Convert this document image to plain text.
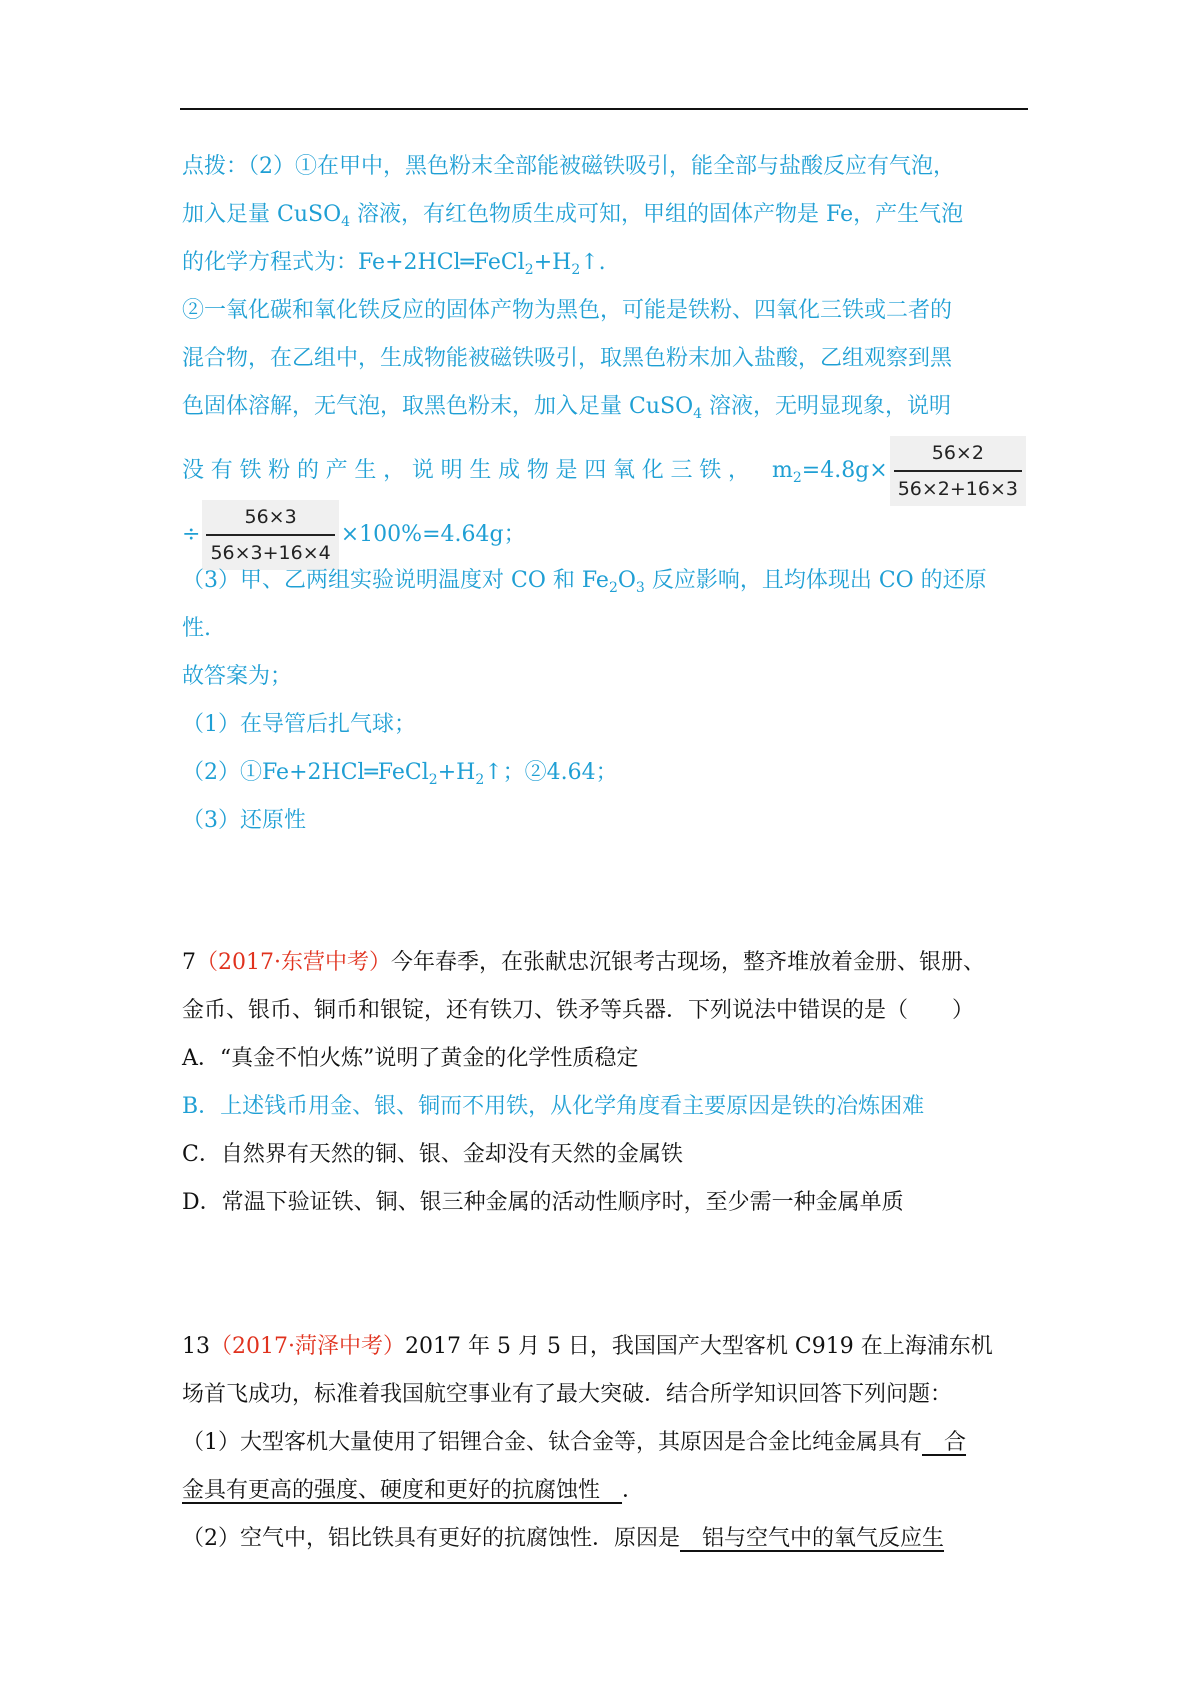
点拨：（2）①在甲中，黑色粉末全部能被磁铁吸引，能全部与盐酸反应有气泡，
加入足量 CuSO$_4$ 溶液，有红色物质生成可知，甲组的固体产物是 Fe，产生气泡
的化学方程式为：$Fe+2HCl═FeCl_2+H_2↑$.
②一氧化碳和氧化铁反应的固体产物为黑色，可能是铁粉、四氧化三铁或二者的
混合物，在乙组中，生成物能被磁铁吸引，取黑色粉末加入盐酸，乙组观察到黑
色固体溶解，无气泡，取黑色粉末，加入足量 CuSO$_4$ 溶液，无明显现象，说明
没 有 铁 粉 的 产 生 ， 说 明 生 成 物 是 四 氧 化 三 铁 ， $m_2=4.8g\times \frac{56\times 2}{56\times 2+16\times 3}$
÷ $\frac{56\times 3}{56\times 3+16\times 4} \times 100\%=4.64g$；
（3）甲、乙两组实验说明温度对 CO 和 $Fe_2O_3$ 反应影响，且均体现出 CO 的还原
性.
故答案为；
（1）在导管后扎气球；
$(2)①Fe+2HCl═FeCl_2+H_2↑$；②4.64；
（3）还原性
7（2017·东营中考）今年春季，在张献忠沉银考古现场，整齐堆放着金册、银册、
金币、银币、铜币和银锭，还有铁刀、铁矛等兵器．下列说法中错误的是（　　）
A．“真金不怕火炼”说明了黄金的化学性质稳定
B．上述钱币用金、银、铜而不用铁，从化学角度看主要原因是铁的冶炼困难
C．自然界有天然的铜、银、金却没有天然的金属铁
D．常温下验证铁、铜、银三种金属的活动性顺序时，至少需一种金属单质
13（2017·菏泽中考）2017 年 5 月 5 日，我国国产大型客机 C919 在上海浦东机
场首飞成功，标准着我国航空事业有了最大突破．结合所学知识回答下列问题：
（1）大型客机大量使用了铝锂合金、钛合金等，其原因是合金比纯金属具有　合
金具有更高的强度、硬度和更好的抗腐蚀性　．
（2）空气中，铝比铁具有更好的抗腐蚀性．原因是　铝与空气中的氧气反应生
